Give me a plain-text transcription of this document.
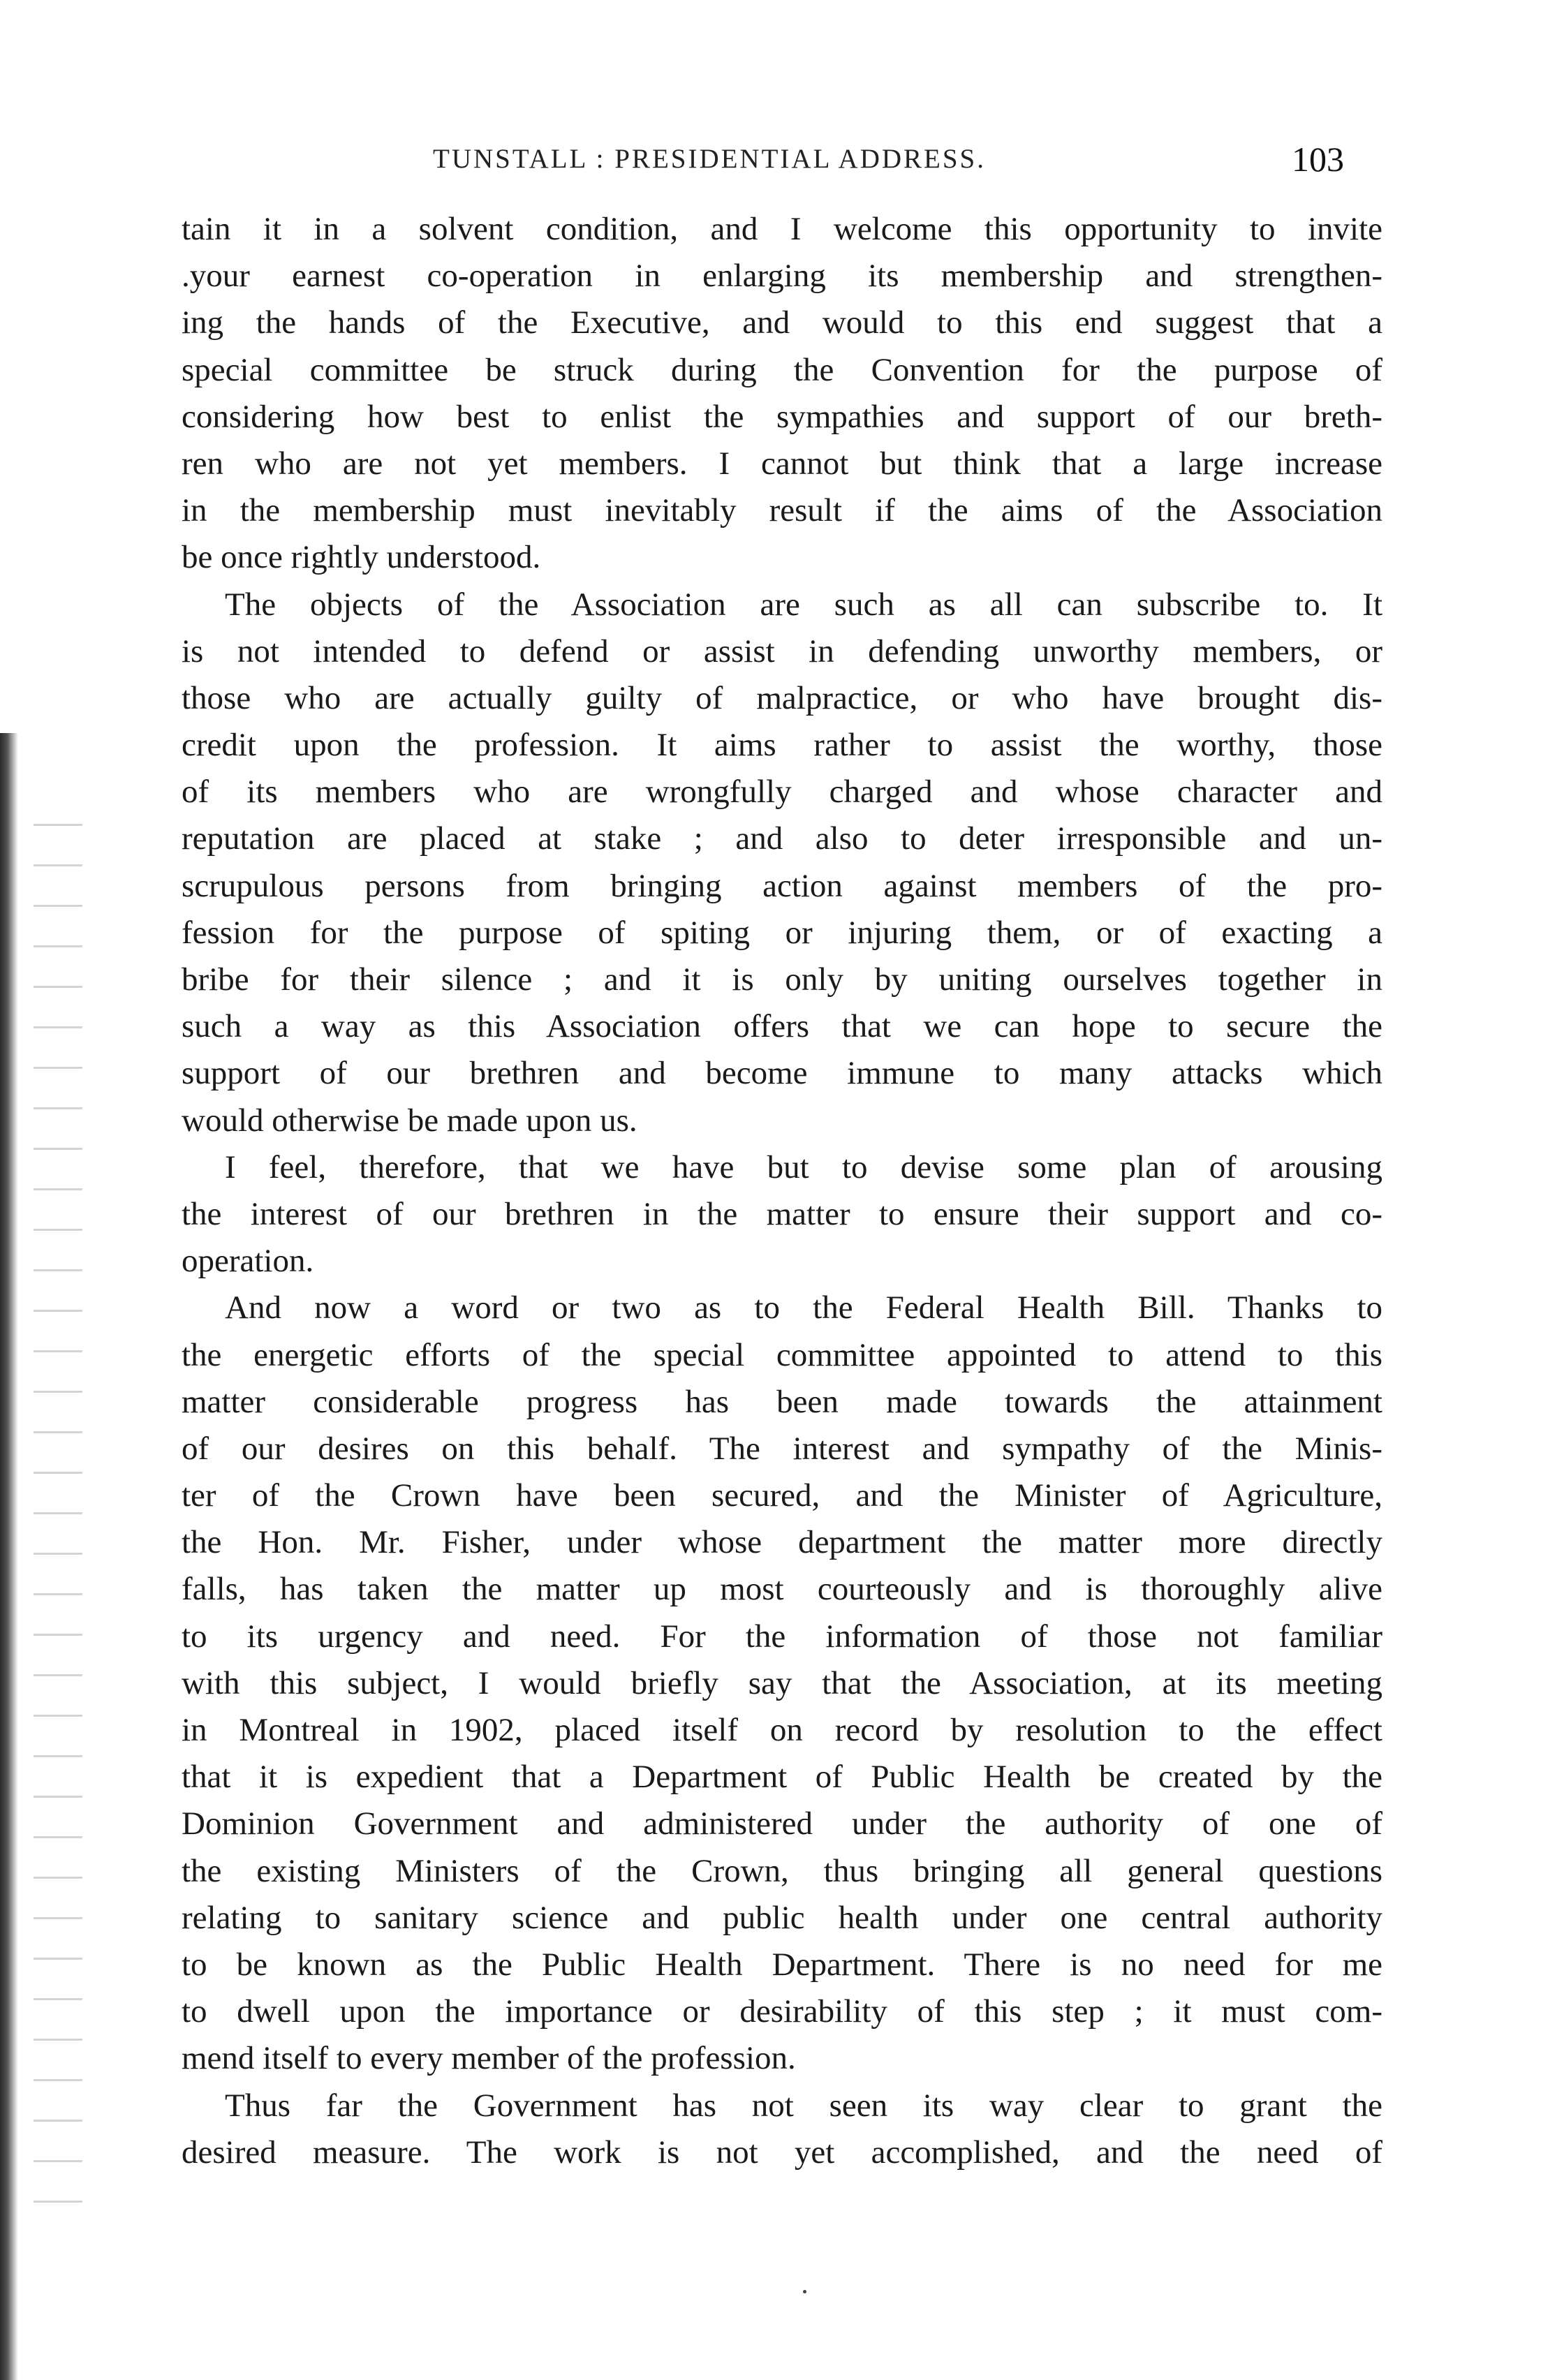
TUNSTALL : PRESIDENTIAL ADDRESS.	103
tain it in a solvent condition, and I welcome this opportunity to invite
.your earnest co-operation in enlarging its membership and strengthen-
ing the hands of the Executive, and would to this end suggest that a
special committee be struck during the Convention for the purpose of
considering how best to enlist the sympathies and support of our breth-
ren who are not yet members. I cannot but think that a large increase
in the membership must inevitably result if the aims of the Association
be once rightly understood.
The objects of the Association are such as all can subscribe to. It
is not intended to defend or assist in defending unworthy members, or
those who are actually guilty of malpractice, or who have brought dis-
credit upon the profession. It aims rather to assist the worthy, those
of its members who are wrongfully charged and whose character and
reputation are placed at stake ; and also to deter irresponsible and un-
scrupulous persons from bringing action against members of the pro-
fession for the purpose of spiting or injuring them, or of exacting a
bribe for their silence ; and it is only by uniting ourselves together in
such a way as this Association offers that we can hope to secure the
support of our brethren and become immune to many attacks which
would otherwise be made upon us.
I feel, therefore, that we have but to devise some plan of arousing
the interest of our brethren in the matter to ensure their support and co-
operation.
And now a word or two as to the Federal Health Bill. Thanks to
the energetic efforts of the special committee appointed to attend to this
matter considerable progress has been made towards the attainment
of our desires on this behalf. The interest and sympathy of the Minis-
ter of the Crown have been secured, and the Minister of Agriculture,
the Hon. Mr. Fisher, under whose department the matter more directly
falls, has taken the matter up most courteously and is thoroughly alive
to its urgency and need. For the information of those not familiar
with this subject, I would briefly say that the Association, at its meeting
in Montreal in 1902, placed itself on record by resolution to the effect
that it is expedient that a Department of Public Health be created by the
Dominion Government and administered under the authority of one of
the existing Ministers of the Crown, thus bringing all general questions
relating to sanitary science and public health under one central authority
to be known as the Public Health Department. There is no need for me
to dwell upon the importance or desirability of this step ; it must com-
mend itself to every member of the profession.
Thus far the Government has not seen its way clear to grant the
desired measure. The work is not yet accomplished, and the need of
